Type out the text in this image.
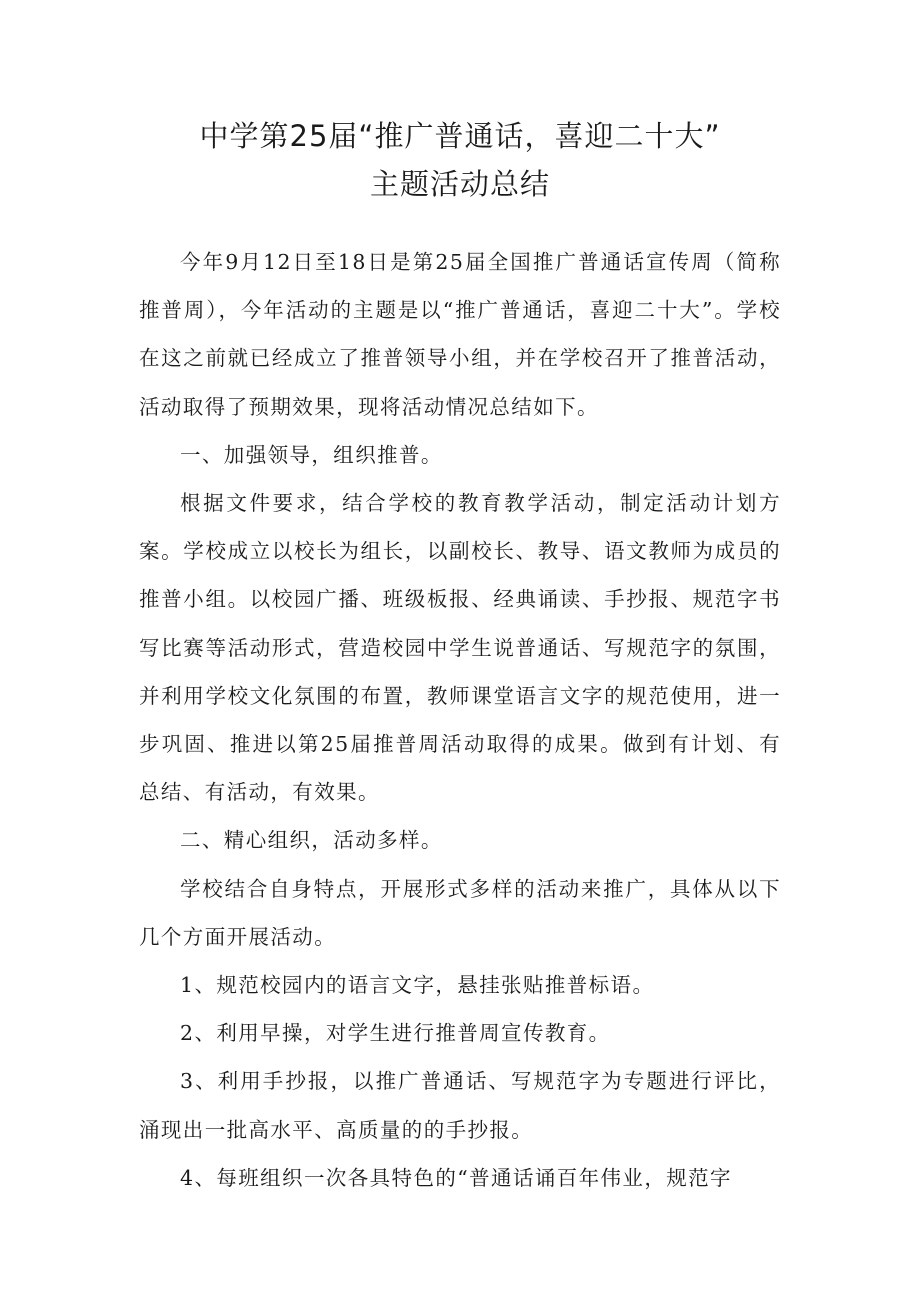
中学第25届“推广普通话，喜迎二十大”
主题活动总结

今年9月12日至18日是第25届全国推广普通话宣传周（简称推普周），今年活动的主题是以“推广普通话，喜迎二十大”。学校在这之前就已经成立了推普领导小组，并在学校召开了推普活动，活动取得了预期效果，现将活动情况总结如下。

一、加强领导，组织推普。

根据文件要求，结合学校的教育教学活动，制定活动计划方案。学校成立以校长为组长，以副校长、教导、语文教师为成员的推普小组。以校园广播、班级板报、经典诵读、手抄报、规范字书写比赛等活动形式，营造校园中学生说普通话、写规范字的氛围，并利用学校文化氛围的布置，教师课堂语言文字的规范使用，进一步巩固、推进以第25届推普周活动取得的成果。做到有计划、有总结、有活动，有效果。

二、精心组织，活动多样。

学校结合自身特点，开展形式多样的活动来推广，具体从以下几个方面开展活动。

1、规范校园内的语言文字，悬挂张贴推普标语。

2、利用早操，对学生进行推普周宣传教育。

3、利用手抄报，以推广普通话、写规范字为专题进行评比，涌现出一批高水平、高质量的的手抄报。

4、每班组织一次各具特色的“普通话诵百年伟业，规范字
